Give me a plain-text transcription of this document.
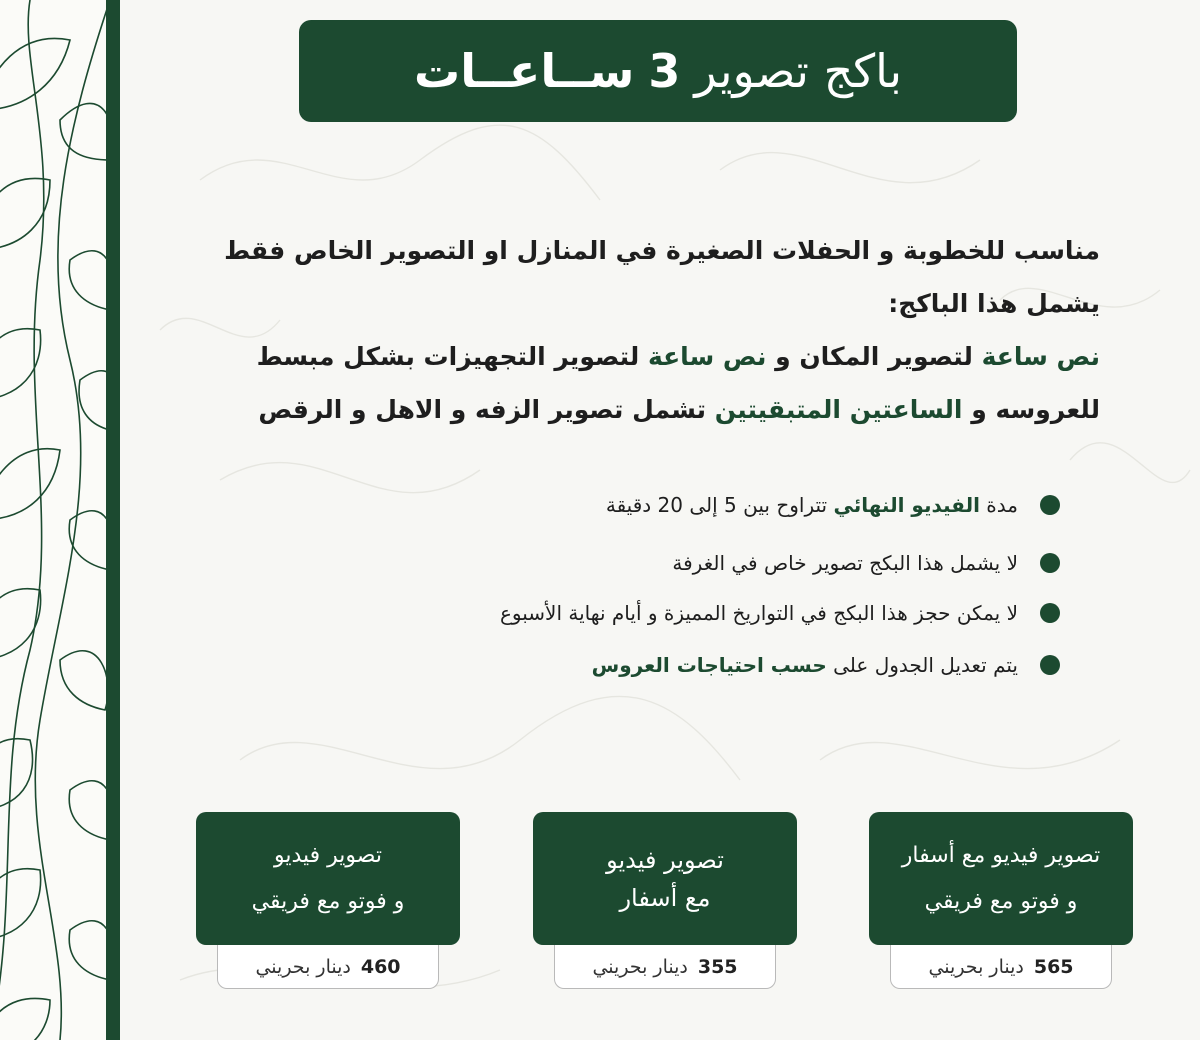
باكج تصوير
3
ســاعــات

مناسب للخطوبة و الحفلات الصغيرة في المنازل او التصوير الخاص فقط

يشمل هذا الباكج:

نص ساعة لتصوير المكان و نص ساعة لتصوير التجهيزات بشكل مبسط

للعروسه و الساعتين المتبقيتين تشمل تصوير الزفه و الاهل و الرقص

مدة الفيديو النهائي تتراوح بين 5 إلى 20 دقيقة
لا يشمل هذا البكج تصوير خاص في الغرفة
لا يمكن حجز هذا البكج في التواريخ المميزة و أيام نهاية الأسبوع
يتم تعديل الجدول على حسب احتياجات العروس
تصوير فيديو مع أسفار
و فوتو مع فريقي
565
دينار بحريني
تصوير فيديو
مع أسفار
355
دينار بحريني
تصوير فيديو
و فوتو مع فريقي
460
دينار بحريني
